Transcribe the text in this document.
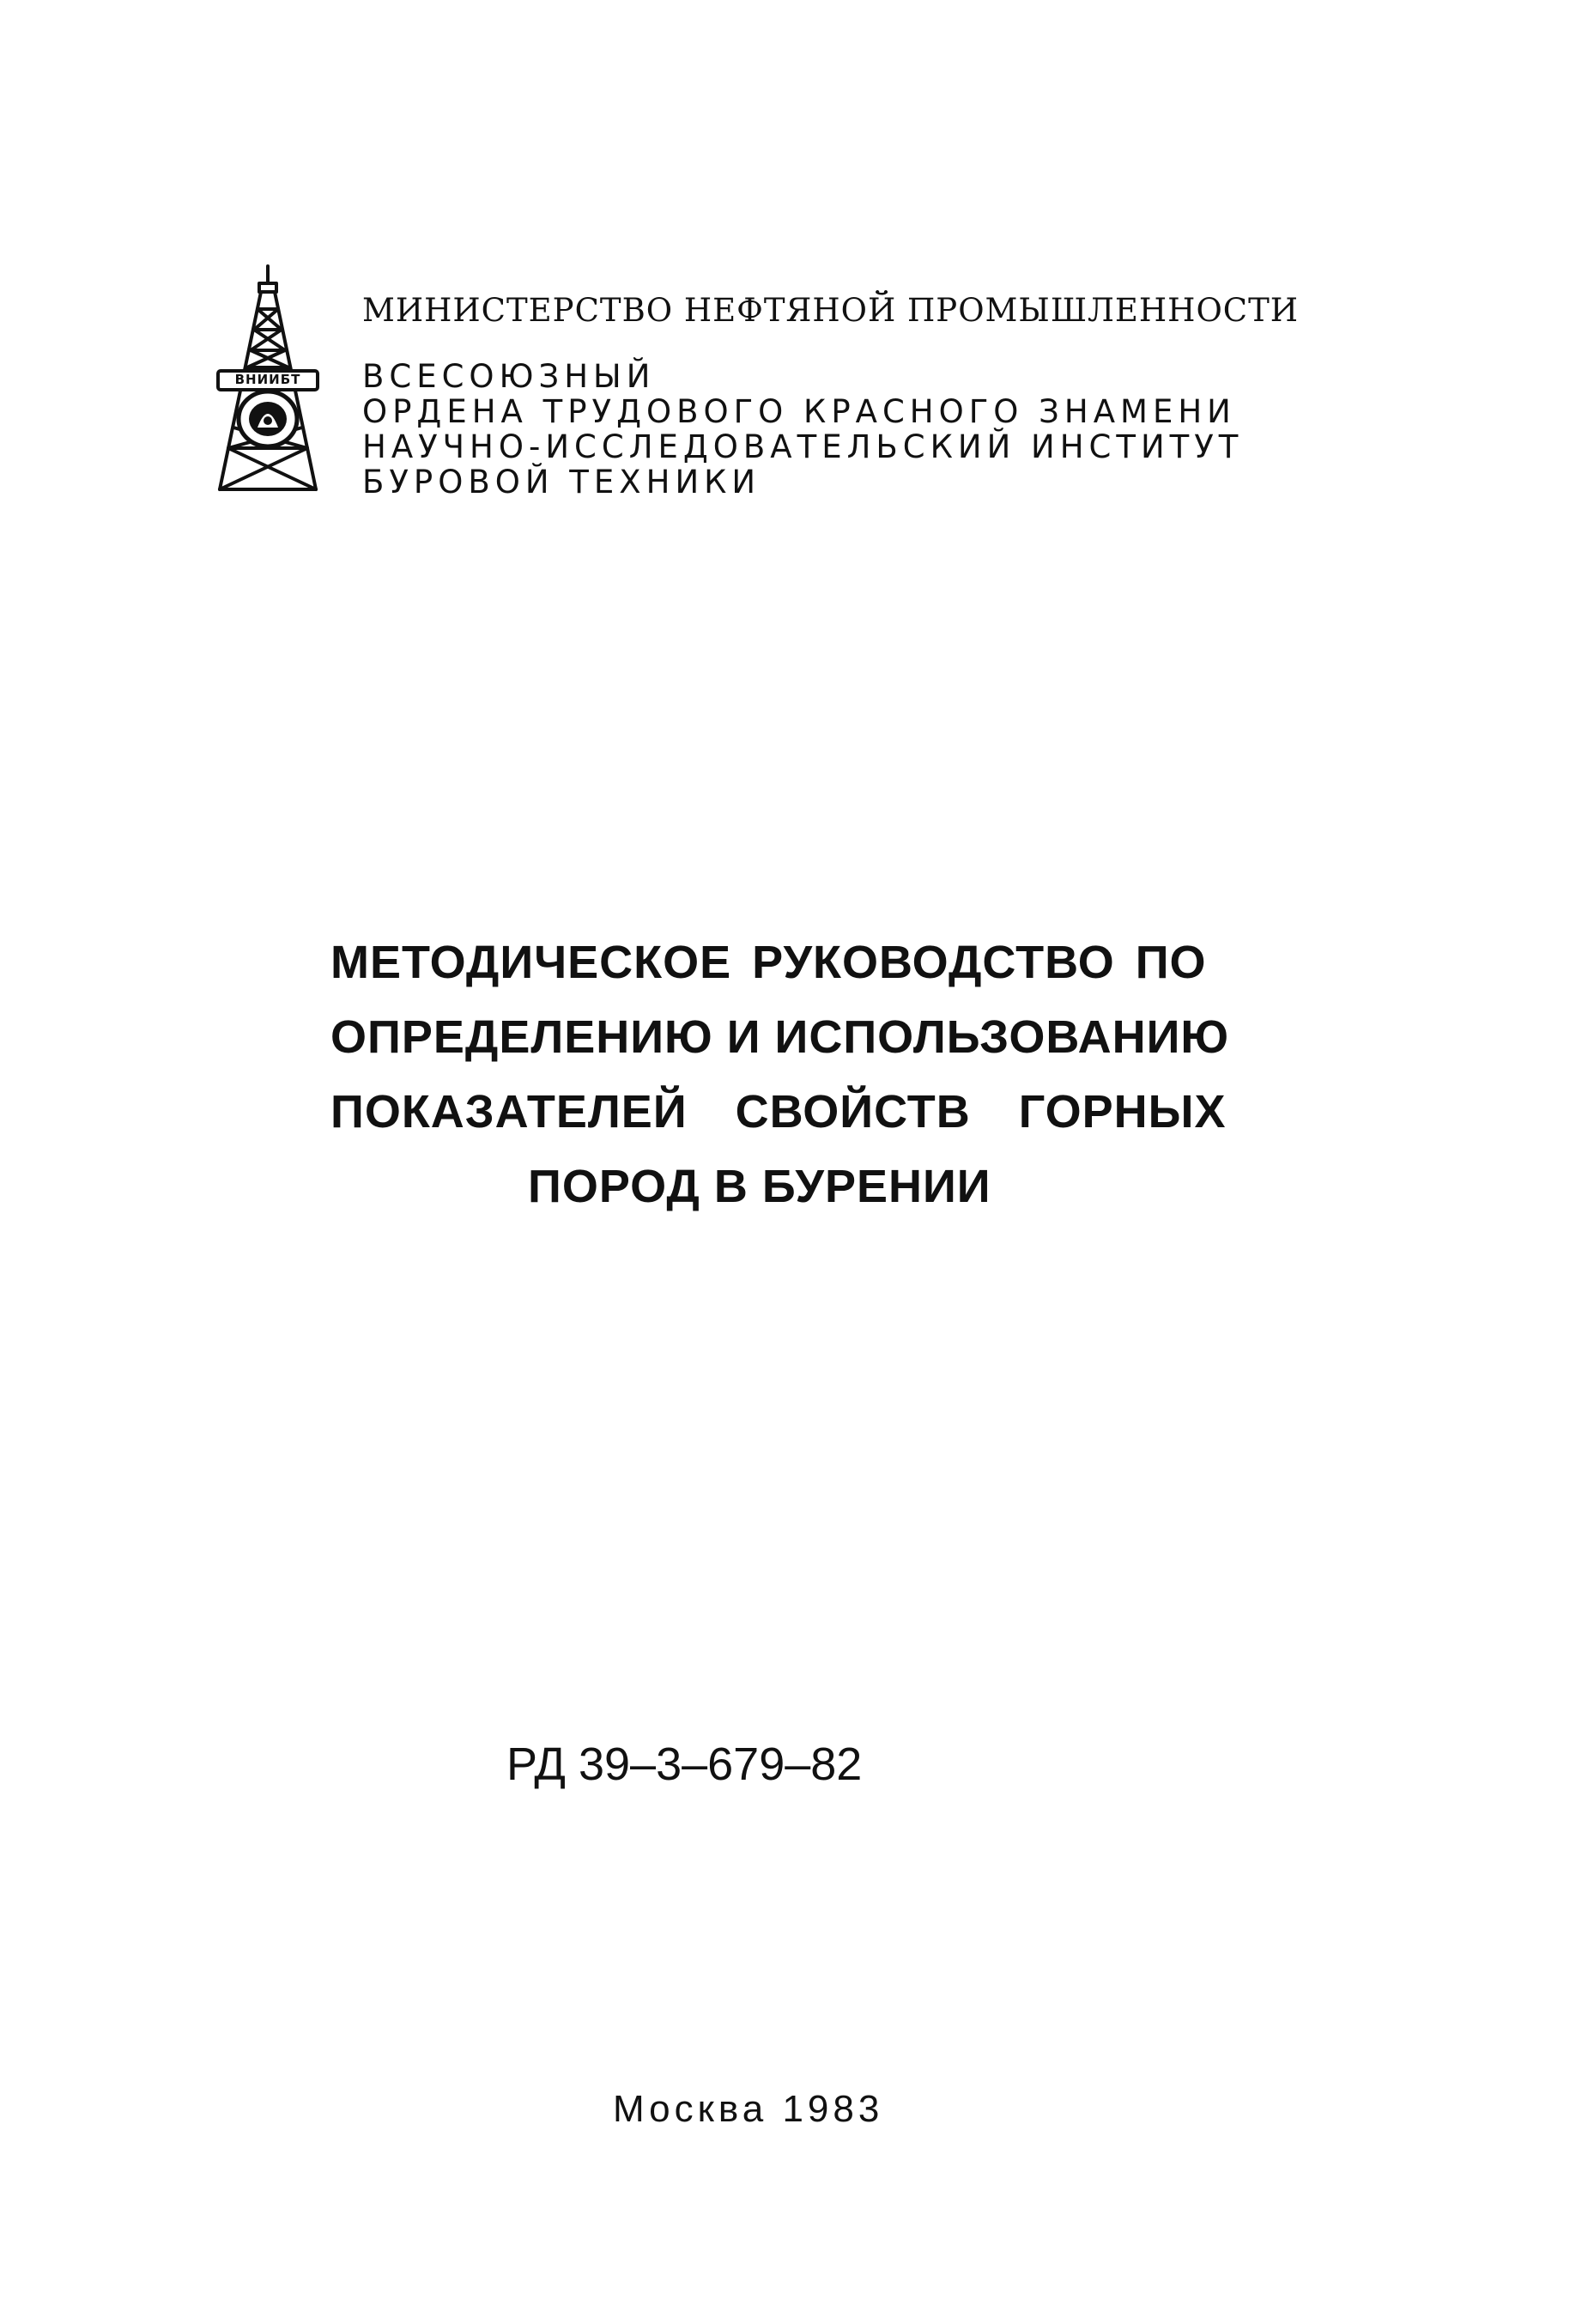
ВНИИБТ
МИНИСТЕРСТВО НЕФТЯНОЙ ПРОМЫШЛЕННОСТИ
ВСЕСОЮЗНЫЙ
ОРДЕНА ТРУДОВОГО КРАСНОГО ЗНАМЕНИ
НАУЧНО-ИССЛЕДОВАТЕЛЬСКИЙ ИНСТИТУТ
БУРОВОЙ ТЕХНИКИ
МЕТОДИЧЕСКОЕ РУКОВОДСТВО ПО
ОПРЕДЕЛЕНИЮ И ИСПОЛЬЗОВАНИЮ
ПОКАЗАТЕЛЕЙ СВОЙСТВ ГОРНЫХ
ПОРОД В БУРЕНИИ
РД 39–3–679–82
Москва 1983
